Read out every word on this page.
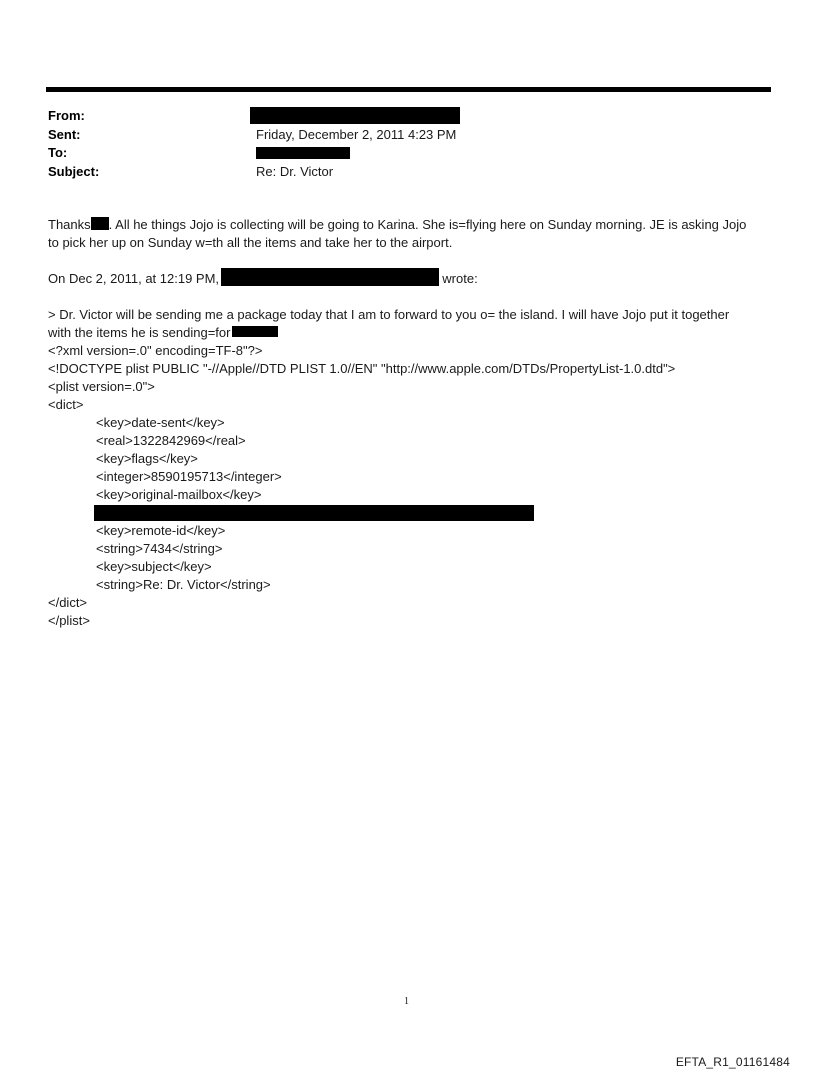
From:
Sent:	Friday, December 2, 2011 4:23 PM
To:
Subject:	Re: Dr. Victor
Thanks . All he things Jojo is collecting will be going to Karina. She is=flying here on Sunday morning. JE is asking Jojo
to pick her up on Sunday w=th all the items and take her to the airport.
On Dec 2, 2011, at 12:19 PM,	wrote:
> Dr. Victor will be sending me a package today that I am to forward to you o= the island. I will have Jojo put it together
with the items he is sending=for
<?xml version=.0" encoding=TF-8"?>
<!DOCTYPE plist PUBLIC "-//Apple//DTD PLIST 1.0//EN" "http://www.apple.com/DTDs/PropertyList-1.0.dtd">
<plist version=.0">
<dict>
<key>date-sent</key>
<real>1322842969</real>
<key>flags</key>
<integer>8590195713</integer>
<key>original-mailbox</key>
<key>remote-id</key>
<string>7434</string>
<key>subject</key>
<string>Re: Dr. Victor</string>
</dict>
</plist>
1
EFTA_R1_01161484
